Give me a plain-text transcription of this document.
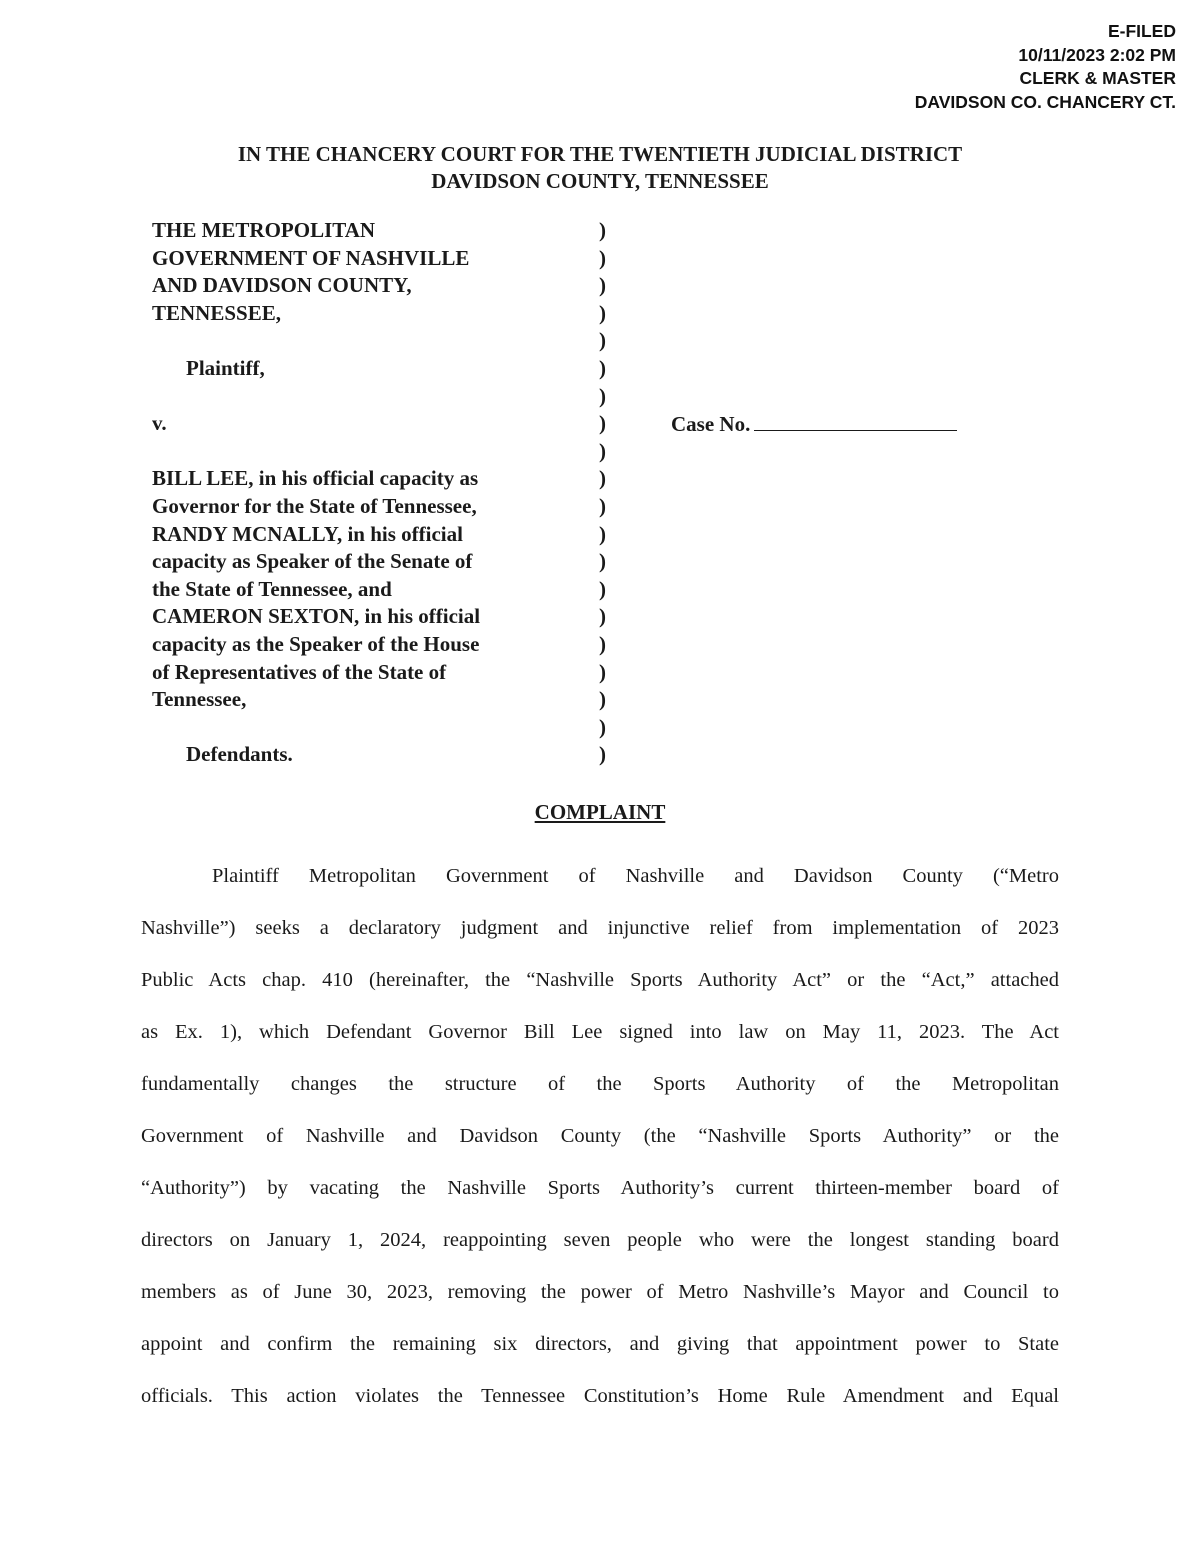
E-FILED
10/11/2023 2:02 PM
CLERK & MASTER
DAVIDSON CO. CHANCERY CT.
IN THE CHANCERY COURT FOR THE TWENTIETH JUDICIAL DISTRICT
DAVIDSON COUNTY, TENNESSEE
THE METROPOLITAN
GOVERNMENT OF NASHVILLE
AND DAVIDSON COUNTY,
TENNESSEE,
Plaintiff,
v.
BILL LEE, in his official capacity as
Governor for the State of Tennessee,
RANDY MCNALLY, in his official
capacity as Speaker of the Senate of
the State of Tennessee, and
CAMERON SEXTON, in his official
capacity as the Speaker of the House
of Representatives of the State of
Tennessee,
Defendants.
)
)
)
)
)
)
)
)
)
)
)
)
)
)
)
)
)
)
)
)
Case No.
COMPLAINT
Plaintiff Metropolitan Government of Nashville and Davidson County (“Metro
Nashville”) seeks a declaratory judgment and injunctive relief from implementation of 2023
Public Acts chap. 410 (hereinafter, the “Nashville Sports Authority Act” or the “Act,” attached
as Ex. 1), which Defendant Governor Bill Lee signed into law on May 11, 2023. The Act
fundamentally changes the structure of the Sports Authority of the Metropolitan
Government of Nashville and Davidson County (the “Nashville Sports Authority” or the
“Authority”) by vacating the Nashville Sports Authority’s current thirteen-member board of
directors on January 1, 2024, reappointing seven people who were the longest standing board
members as of June 30, 2023, removing the power of Metro Nashville’s Mayor and Council to
appoint and confirm the remaining six directors, and giving that appointment power to State
officials. This action violates the Tennessee Constitution’s Home Rule Amendment and Equal
